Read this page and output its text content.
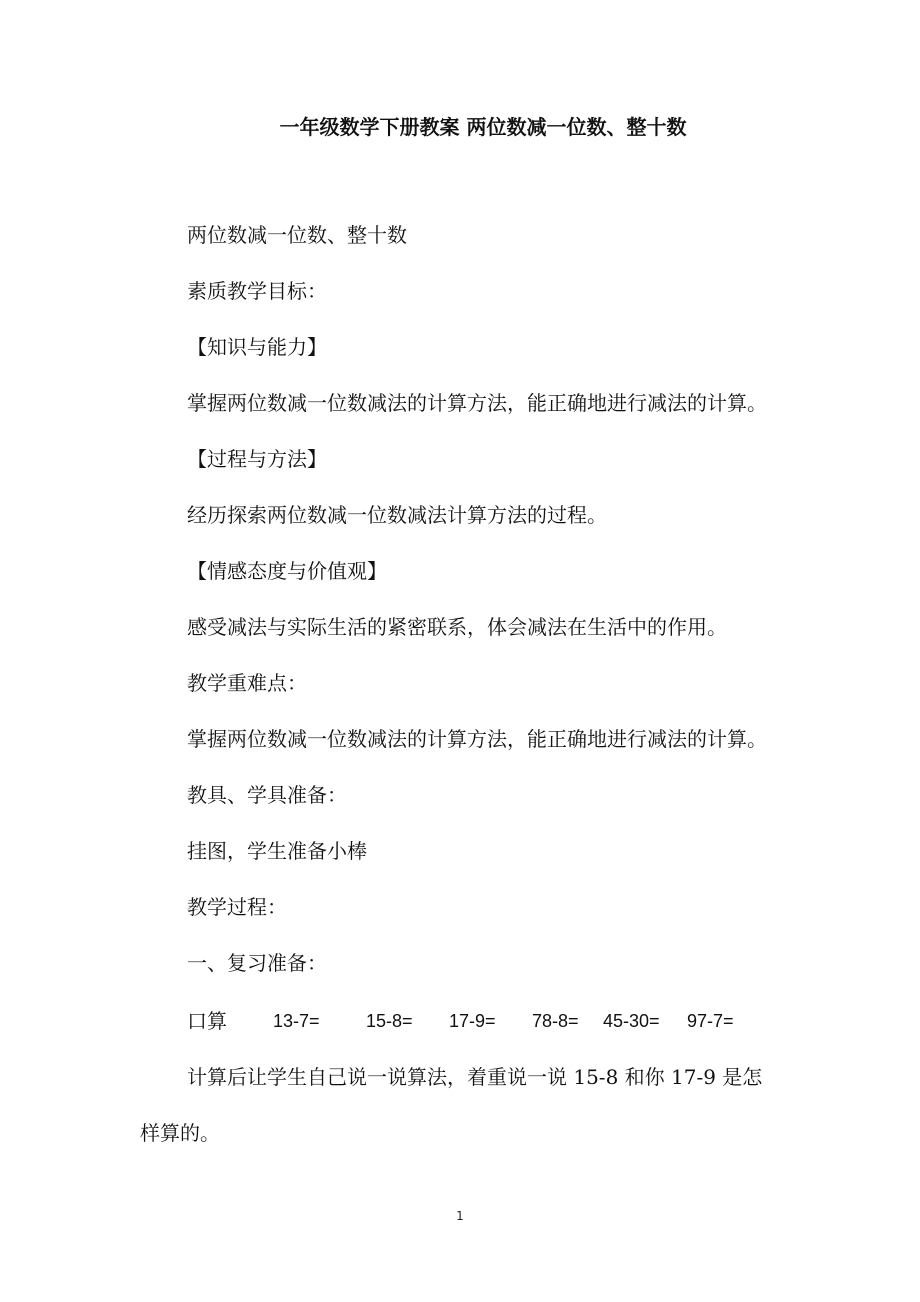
一年级数学下册教案 两位数减一位数、整十数
两位数减一位数、整十数
素质教学目标：
【知识与能力】
掌握两位数减一位数减法的计算方法，能正确地进行减法的计算。
【过程与方法】
经历探索两位数减一位数减法计算方法的过程。
【情感态度与价值观】
感受减法与实际生活的紧密联系，体会减法在生活中的作用。
教学重难点：
掌握两位数减一位数减法的计算方法，能正确地进行减法的计算。
教具、学具准备：
挂图，学生准备小棒
教学过程：
一、复习准备：
口算	13-7=	15-8= 17-9= 78-8= 45-30= 97-7=
计算后让学生自己说一说算法，着重说一说 15-8 和你 17-9 是怎
样算的。
1
